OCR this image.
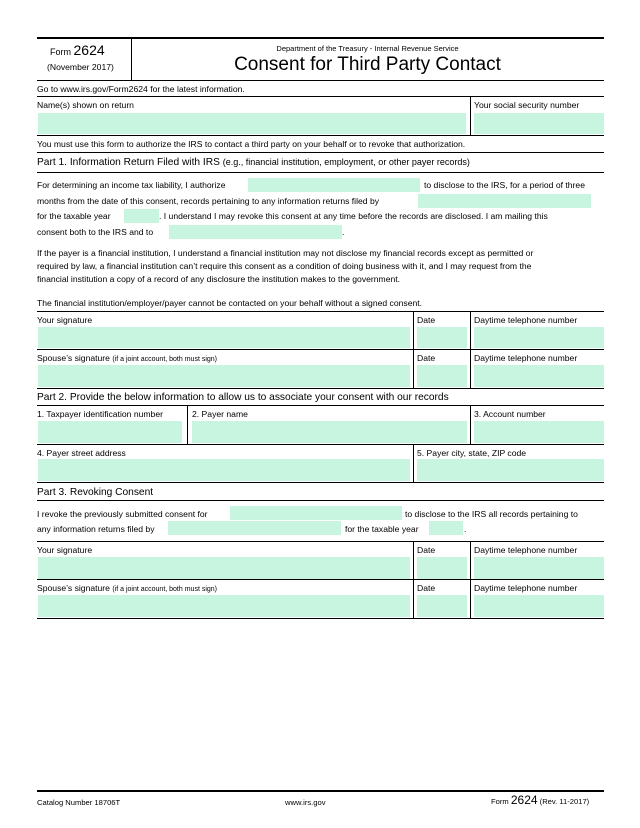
Form 2624
(November 2017)
Department of the Treasury - Internal Revenue Service
Consent for Third Party Contact
Go to www.irs.gov/Form2624 for the latest information.
Name(s) shown on return	Your social security number
You must use this form to authorize the IRS to contact a third party on your behalf or to revoke that authorization.
Part 1. Information Return Filed with IRS (e.g., financial institution, employment, or other payer records)
For determining an income tax liability, I authorize	to disclose to the IRS, for a period of three
months from the date of this consent, records pertaining to any information returns filed by
for the taxable year	. I understand I may revoke this consent at any time before the records are disclosed. I am mailing this
consent both to the IRS and to	.
If the payer is a financial institution, I understand a financial institution may not disclose my financial records except as permitted or
required by law, a financial institution can’t require this consent as a condition of doing business with it, and I may request from the
financial institution a copy of a record of any disclosure the institution makes to the government.
The financial institution/employer/payer cannot be contacted on your behalf without a signed consent.
Your signature	Date	Daytime telephone number
Spouse’s signature (if a joint account, both must sign)	Date	Daytime telephone number
Part 2. Provide the below information to allow us to associate your consent with our records
1. Taxpayer identification number	2. Payer name	3. Account number
4. Payer street address	5. Payer city, state, ZIP code
Part 3. Revoking Consent
I revoke the previously submitted consent for	to disclose to the IRS all records pertaining to
any information returns filed by	for the taxable year	.
Your signature	Date	Daytime telephone number
Spouse’s signature (if a joint account, both must sign)	Date	Daytime telephone number
Catalog Number 18706T	www.irs.gov	Form 2624 (Rev. 11-2017)
